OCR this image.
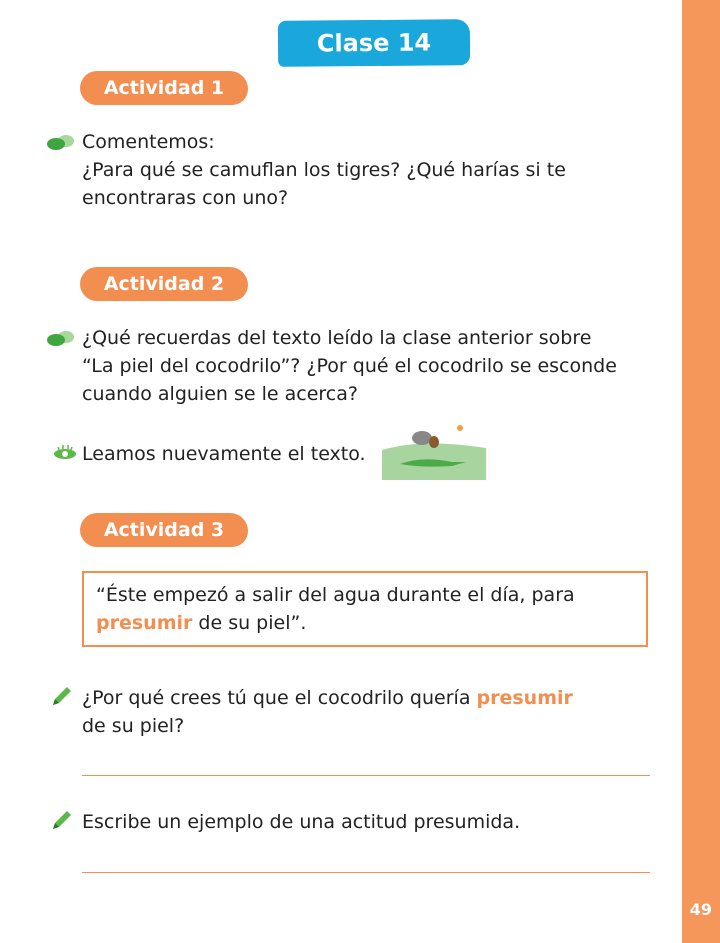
49
Clase 14
Actividad 1
Comentemos:
¿Para qué se camuflan los tigres? ¿Qué harías si te
encontraras con uno?
Actividad 2
¿Qué recuerdas del texto leído la clase anterior sobre
“La piel del cocodrilo”? ¿Por qué el cocodrilo se esconde
cuando alguien se le acerca?
Leamos nuevamente el texto.
Actividad 3
“Éste empezó a salir del agua durante el día, para
presumir de su piel”.
¿Por qué crees tú que el cocodrilo quería presumir
de su piel?
Escribe un ejemplo de una actitud presumida.
